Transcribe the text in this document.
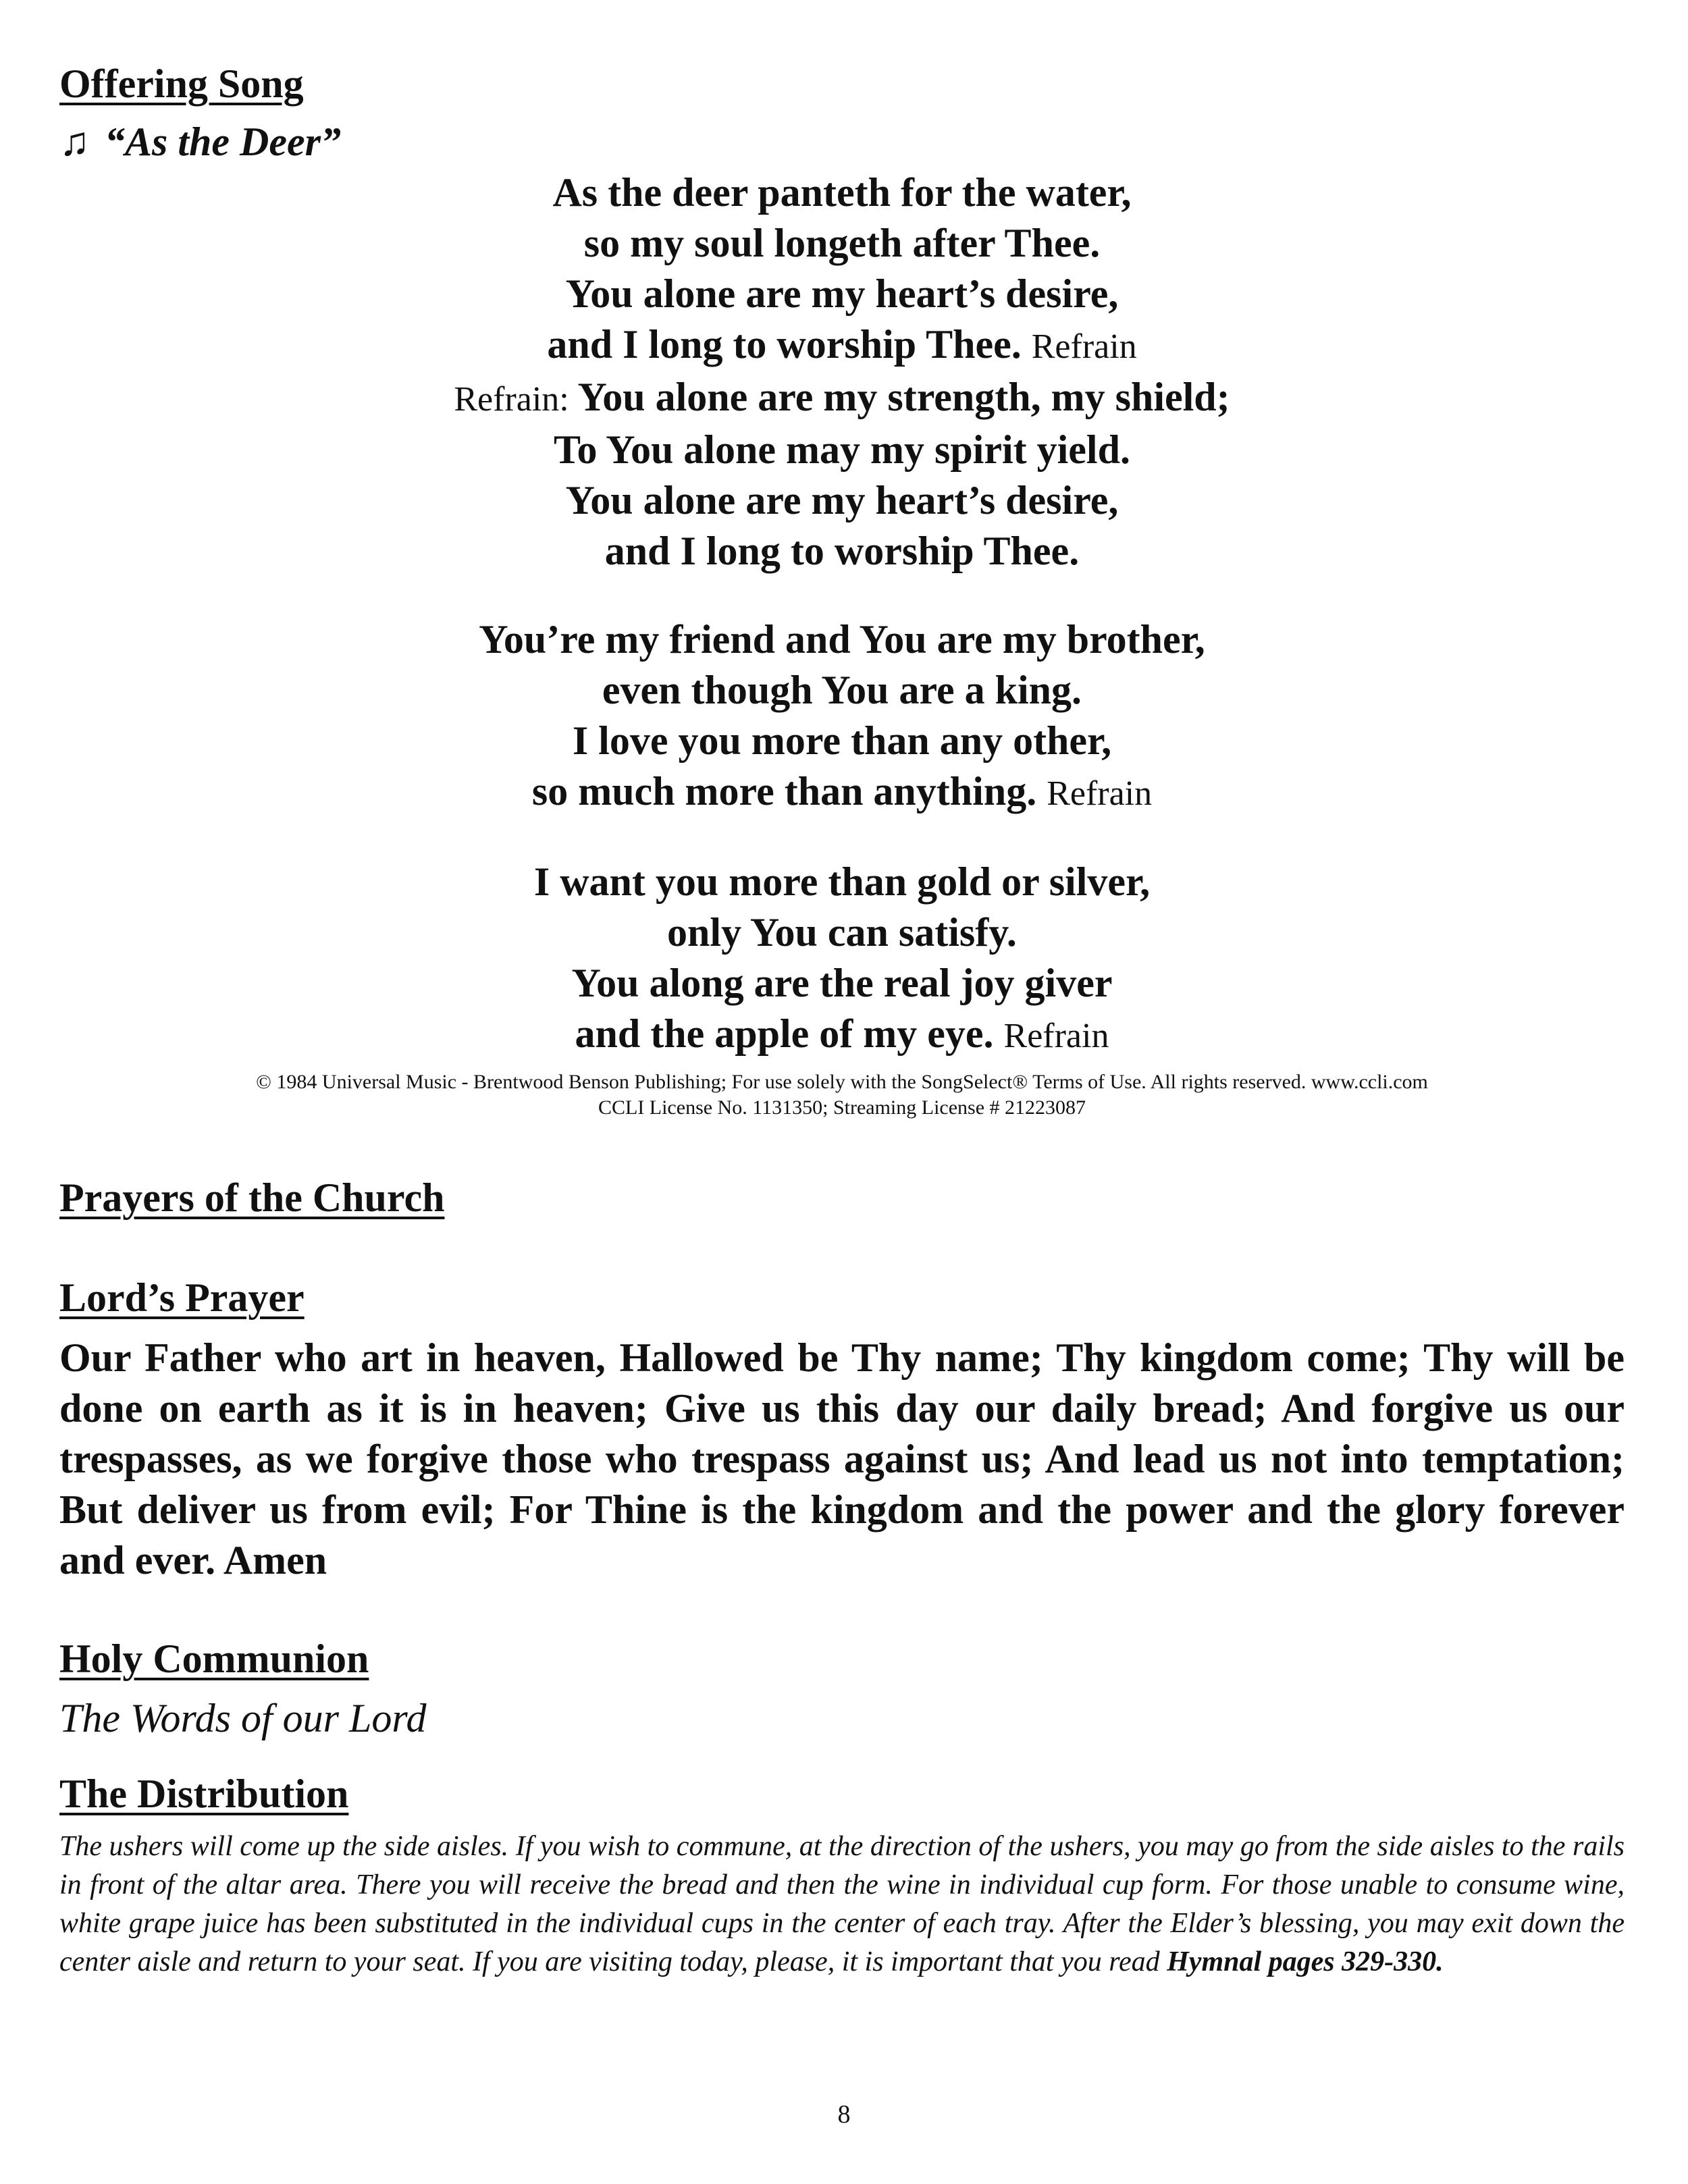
Offering Song

♫ “As the Deer”

As the deer panteth for the water,
so my soul longeth after Thee.
You alone are my heart’s desire,
and I long to worship Thee. Refrain
Refrain: You alone are my strength, my shield;
To You alone may my spirit yield.
You alone are my heart’s desire,
and I long to worship Thee.
You’re my friend and You are my brother,
even though You are a king.
I love you more than any other,
so much more than anything. Refrain
I want you more than gold or silver,
only You can satisfy.
You along are the real joy giver
and the apple of my eye. Refrain
© 1984 Universal Music - Brentwood Benson Publishing; For use solely with the SongSelect® Terms of Use. All rights reserved. www.ccli.com
CCLI License No. 1131350; Streaming License # 21223087
Prayers of the Church
Lord’s Prayer

Our Father who art in heaven, Hallowed be Thy name; Thy kingdom come; Thy will be done on earth as it is in heaven; Give us this day our daily bread; And forgive us our trespasses, as we forgive those who trespass against us; And lead us not into temptation; But deliver us from evil; For Thine is the kingdom and the power and the glory forever and ever. Amen

Holy Communion

The Words of our Lord

The Distribution

The ushers will come up the side aisles. If you wish to commune, at the direction of the ushers, you may go from the side aisles to the rails in front of the altar area. There you will receive the bread and then the wine in individual cup form. For those unable to consume wine, white grape juice has been substituted in the individual cups in the center of each tray. After the Elder’s blessing, you may exit down the center aisle and return to your seat. If you are visiting today, please, it is important that you read Hymnal pages 329-330.

8
